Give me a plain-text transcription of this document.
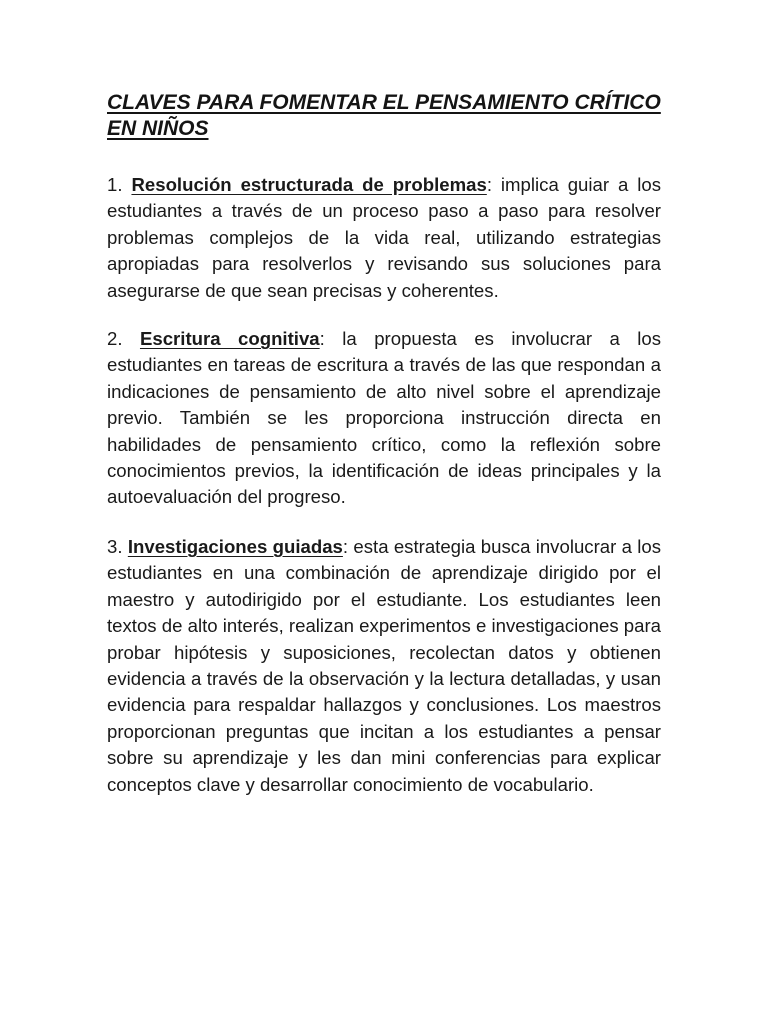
CLAVES PARA FOMENTAR EL PENSAMIENTO CRÍTICO EN NIÑOS

1. Resolución estructurada de problemas: implica guiar a los estudiantes a través de un proceso paso a paso para resolver problemas complejos de la vida real, utilizando estrategias apropiadas para resolverlos y revisando sus soluciones para asegurarse de que sean precisas y coherentes.

2. Escritura cognitiva: la propuesta es involucrar a los estudiantes en tareas de escritura a través de las que respondan a indicaciones de pensamiento de alto nivel sobre el aprendizaje previo. También se les proporciona instrucción directa en habilidades de pensamiento crítico, como la reflexión sobre conocimientos previos, la identificación de ideas principales y la autoevaluación del progreso.

3. Investigaciones guiadas: esta estrategia busca involucrar a los estudiantes en una combinación de aprendizaje dirigido por el maestro y autodirigido por el estudiante. Los estudiantes leen textos de alto interés, realizan experimentos e investigaciones para probar hipótesis y suposiciones, recolectan datos y obtienen evidencia a través de la observación y la lectura detalladas, y usan evidencia para respaldar hallazgos y conclusiones. Los maestros proporcionan preguntas que incitan a los estudiantes a pensar sobre su aprendizaje y les dan mini conferencias para explicar conceptos clave y desarrollar conocimiento de vocabulario.
